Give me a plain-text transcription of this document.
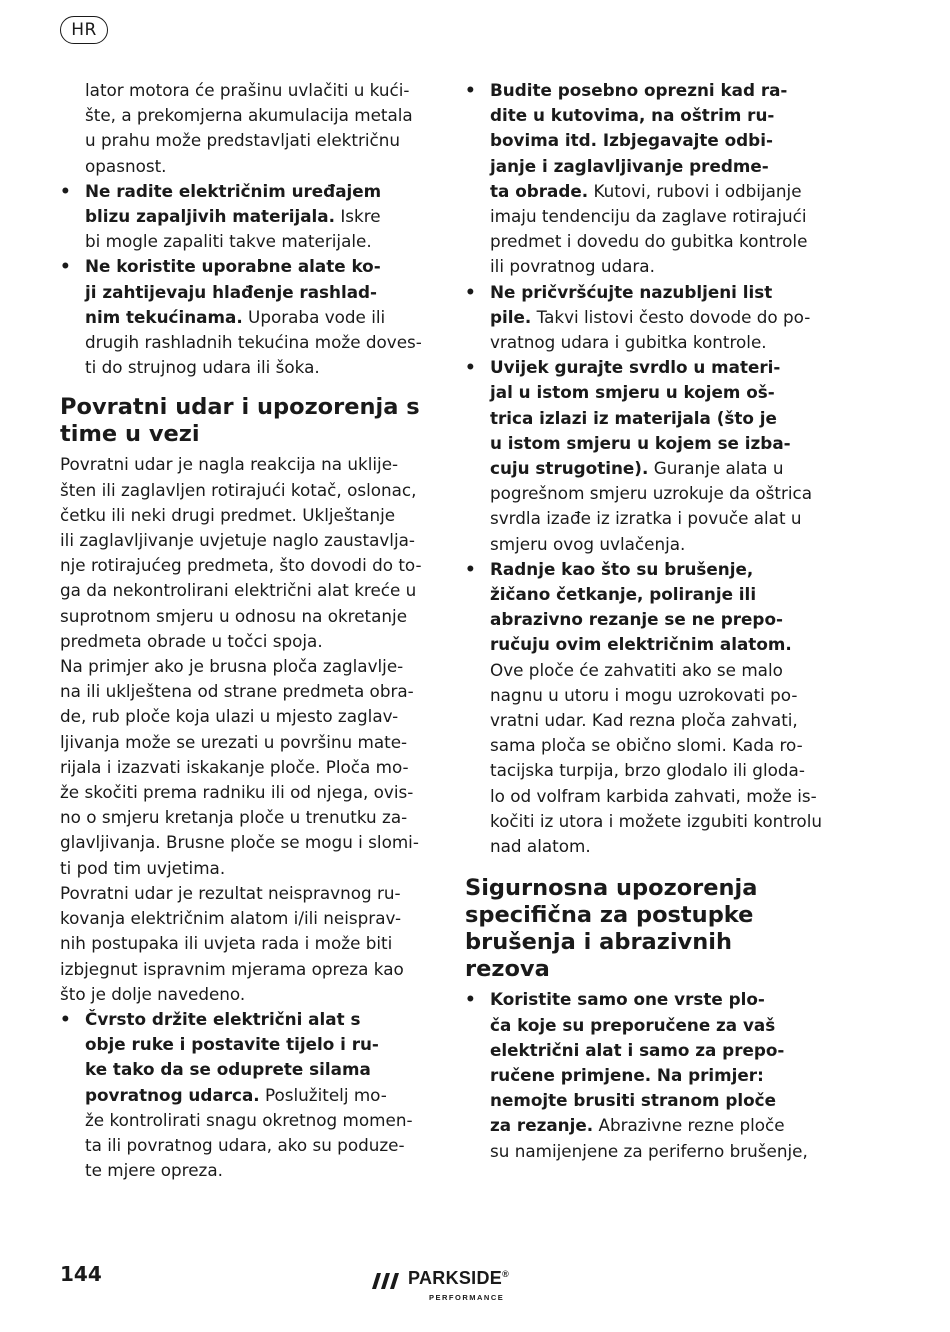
HR
lator motora će prašinu uvlačiti u kući-
šte, a prekomjerna akumulacija metala
u prahu može predstavljati električnu
opasnost.
• Ne radite električnim uređajem
blizu zapaljivih materijala. Iskre
bi mogle zapaliti takve materijale.
• Ne koristite uporabne alate ko-
ji zahtijevaju hlađenje rashlad-
nim tekućinama. Uporaba vode ili
drugih rashladnih tekućina može doves-
ti do strujnog udara ili šoka.
Povratni udar i upozorenja s
time u vezi
Povratni udar je nagla reakcija na uklije-
šten ili zaglavljen rotirajući kotač, oslonac,
četku ili neki drugi predmet. Uklještanje
ili zaglavljivanje uvjetuje naglo zaustavlja-
nje rotirajućeg predmeta, što dovodi do to-
ga da nekontrolirani električni alat kreće u
suprotnom smjeru u odnosu na okretanje
predmeta obrade u točci spoja.
Na primjer ako je brusna ploča zaglavlje-
na ili uklještena od strane predmeta obra-
de, rub ploče koja ulazi u mjesto zaglav-
ljivanja može se urezati u površinu mate-
rijala i izazvati iskakanje ploče. Ploča mo-
že skočiti prema radniku ili od njega, ovis-
no o smjeru kretanja ploče u trenutku za-
glavljivanja. Brusne ploče se mogu i slomi-
ti pod tim uvjetima.
Povratni udar je rezultat neispravnog ru-
kovanja električnim alatom i/ili neisprav-
nih postupaka ili uvjeta rada i može biti
izbjegnut ispravnim mjerama opreza kao
što je dolje navedeno.
• Čvrsto držite električni alat s
obje ruke i postavite tijelo i ru-
ke tako da se oduprete silama
povratnog udarca. Poslužitelj mo-
že kontrolirati snagu okretnog momen-
ta ili povratnog udara, ako su poduze-
te mjere opreza.
• Budite posebno oprezni kad ra-
dite u kutovima, na oštrim ru-
bovima itd. Izbjegavajte odbi-
janje i zaglavljivanje predme-
ta obrade. Kutovi, rubovi i odbijanje
imaju tendenciju da zaglave rotirajući
predmet i dovedu do gubitka kontrole
ili povratnog udara.
• Ne pričvršćujte nazubljeni list
pile. Takvi listovi često dovode do po-
vratnog udara i gubitka kontrole.
• Uvijek gurajte svrdlo u materi-
jal u istom smjeru u kojem oš-
trica izlazi iz materijala (što je
u istom smjeru u kojem se izba-
cuju strugotine). Guranje alata u
pogrešnom smjeru uzrokuje da oštrica
svrdla izađe iz izratka i povuče alat u
smjeru ovog uvlačenja.
• Radnje kao što su brušenje,
žičano četkanje, poliranje ili
abrazivno rezanje se ne prepo-
ručuju ovim električnim alatom.
Ove ploče će zahvatiti ako se malo
nagnu u utoru i mogu uzrokovati po-
vratni udar. Kad rezna ploča zahvati,
sama ploča se obično slomi. Kada ro-
tacijska turpija, brzo glodalo ili gloda-
lo od volfram karbida zahvati, može is-
kočiti iz utora i možete izgubiti kontrolu
nad alatom.
Sigurnosna upozorenja
specifična za postupke
brušenja i abrazivnih
rezova
• Koristite samo one vrste plo-
ča koje su preporučene za vaš
električni alat i samo za prepo-
ručene primjene. Na primjer:
nemojte brusiti stranom ploče
za rezanje. Abrazivne rezne ploče
su namijenjene za periferno brušenje,
144	PARKSIDE®
PERFORMANCE
